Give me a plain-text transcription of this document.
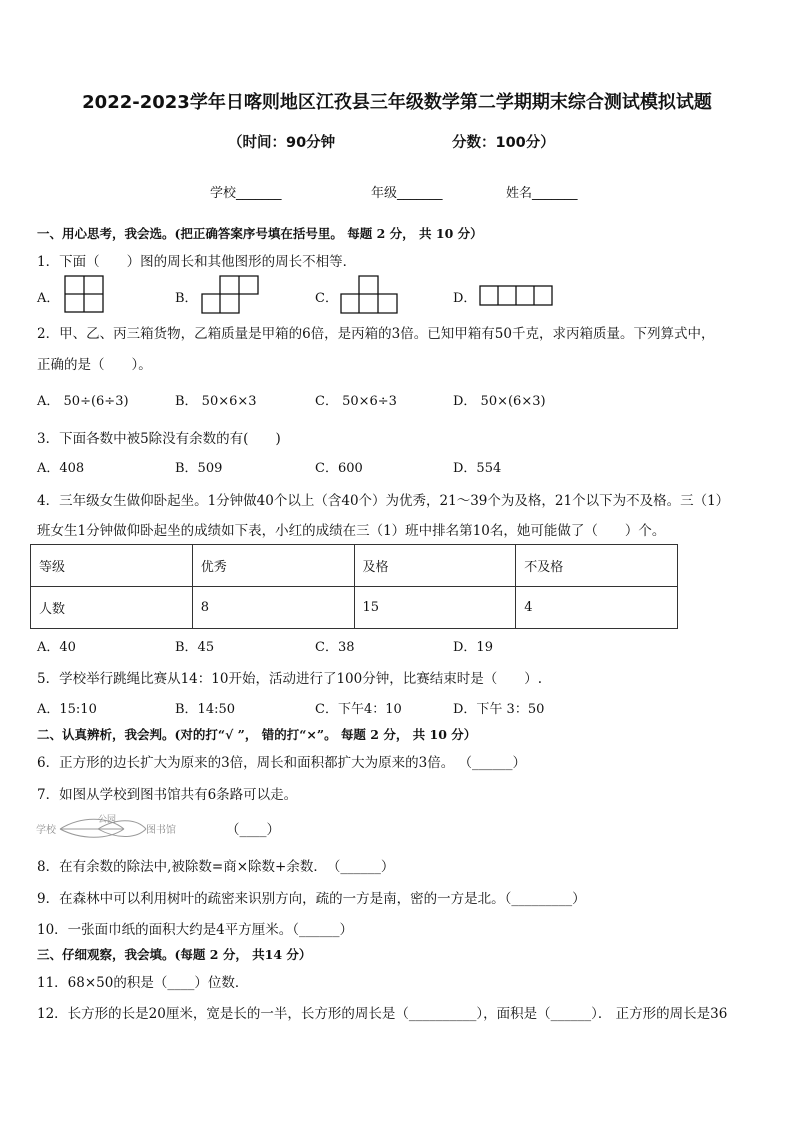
2022-2023学年日喀则地区江孜县三年级数学第二学期期末综合测试模拟试题
（时间：90分钟	分数：100分）
学校_______	年级_______	姓名_______
一、用心思考，我会选。(把正确答案序号填在括号里。 每题 2 分， 共 10 分）
1．下面（　　）图的周长和其他图形的周长不相等．
A．	B．	C．	D．
2．甲、乙、丙三箱货物，乙箱质量是甲箱的6倍，是丙箱的3倍。已知甲箱有50千克，求丙箱质量。下列算式中，
正确的是（　　）。
A． 50÷(6÷3)	B． 50×6×3	C． 50×6÷3	D． 50×(6×3)
3．下面各数中被5除没有余数的有(　　)
A．408	B．509	C．600	D．554
4．三年级女生做仰卧起坐。1分钟做40个以上（含40个）为优秀，21～39个为及格，21个以下为不及格。三（1）
班女生1分钟做仰卧起坐的成绩如下表，小红的成绩在三（1）班中排名第10名，她可能做了（　　）个。
等级	优秀	及格	不及格
人数	8	15	4
A．40	B．45	C．38	D．19
5．学校举行跳绳比赛从14：10开始，活动进行了100分钟，比赛结束时是（　　）.
A．15:10	B．14:50	C．下午4：10	D．下午 3：50
二、认真辨析，我会判。(对的打“√ ”， 错的打“×”。 每题 2 分， 共 10 分）
6．正方形的边长扩大为原来的3倍，周长和面积都扩大为原来的3倍。 （______）
7．如图从学校到图书馆共有6条路可以走。
学校
公园
图书馆	（____）
8．在有余数的除法中,被除数=商×除数+余数．　（______）
9．在森林中可以利用树叶的疏密来识别方向，疏的一方是南，密的一方是北。（_________）
10．一张面巾纸的面积大约是4平方厘米。（______）
三、仔细观察，我会填。(每题 2 分， 共14 分）
11．68×50的积是（____）位数．
12．长方形的长是20厘米，宽是长的一半，长方形的周长是（__________），面积是（______）． 正方形的周长是36
